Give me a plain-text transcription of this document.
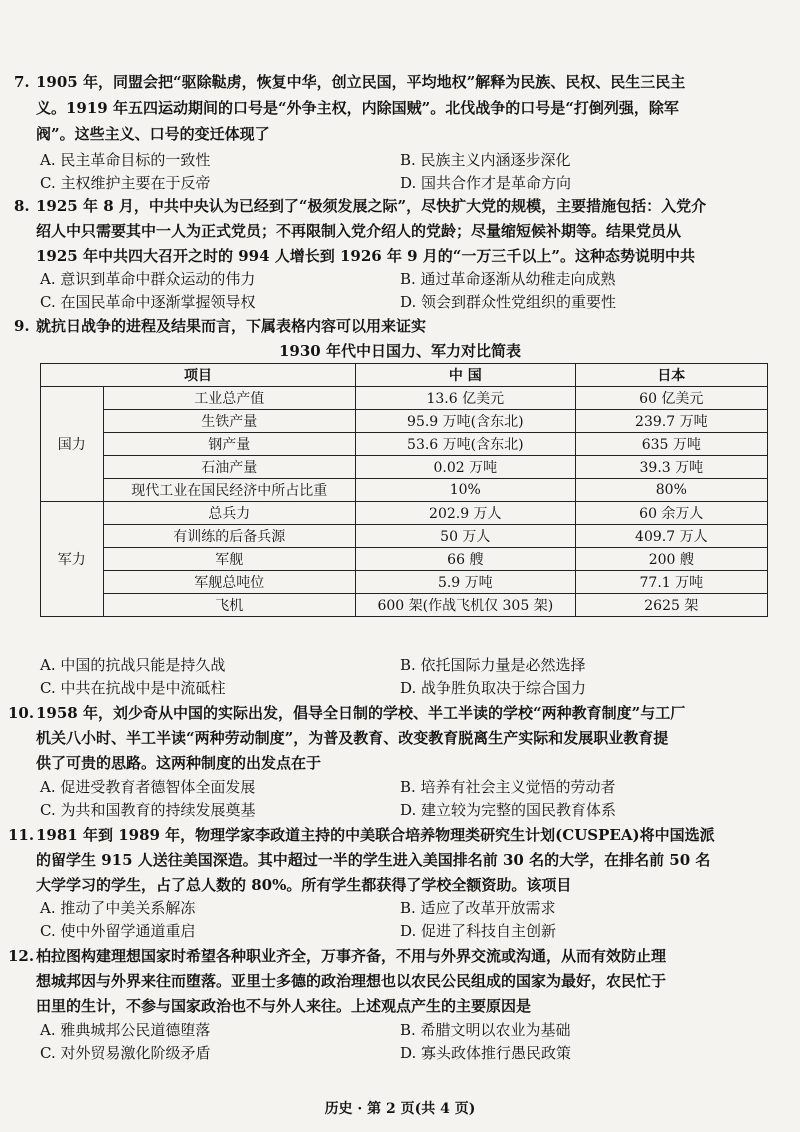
7. 1905 年，同盟会把“驱除鞑虏，恢复中华，创立民国，平均地权”解释为民族、民权、民生三民主
义。1919 年五四运动期间的口号是“外争主权，内除国贼”。北伐战争的口号是“打倒列强，除军
阀”。这些主义、口号的变迁体现了
A. 民主革命目标的一致性	B. 民族主义内涵逐步深化
C. 主权维护主要在于反帝	D. 国共合作才是革命方向
8. 1925 年 8 月，中共中央认为已经到了“极须发展之际”，尽快扩大党的规模，主要措施包括：入党介
绍人中只需要其中一人为正式党员；不再限制入党介绍人的党龄；尽量缩短候补期等。结果党员从
1925 年中共四大召开之时的 994 人增长到 1926 年 9 月的“一万三千以上”。这种态势说明中共
A. 意识到革命中群众运动的伟力	B. 通过革命逐渐从幼稚走向成熟
C. 在国民革命中逐渐掌握领导权	D. 领会到群众性党组织的重要性
9. 就抗日战争的进程及结果而言，下属表格内容可以用来证实
1930 年代中日国力、军力对比简表
项目		中 国	日本
国力	工业总产值	13.6 亿美元	60 亿美元
	生铁产量	95.9 万吨(含东北)	239.7 万吨
	钢产量	53.6 万吨(含东北)	635 万吨
	石油产量	0.02 万吨	39.3 万吨
	现代工业在国民经济中所占比重	10%	80%
军力	总兵力	202.9 万人	60 余万人
	有训练的后备兵源	50 万人	409.7 万人
	军舰	66 艘	200 艘
	军舰总吨位	5.9 万吨	77.1 万吨
	飞机	600 架(作战飞机仅 305 架)	2625 架
A. 中国的抗战只能是持久战	B. 依托国际力量是必然选择
C. 中共在抗战中是中流砥柱	D. 战争胜负取决于综合国力
10. 1958 年，刘少奇从中国的实际出发，倡导全日制的学校、半工半读的学校“两种教育制度”与工厂
机关八小时、半工半读“两种劳动制度”，为普及教育、改变教育脱离生产实际和发展职业教育提
供了可贵的思路。这两种制度的出发点在于
A. 促进受教育者德智体全面发展	B. 培养有社会主义觉悟的劳动者
C. 为共和国教育的持续发展奠基	D. 建立较为完整的国民教育体系
11. 1981 年到 1989 年，物理学家李政道主持的中美联合培养物理类研究生计划(CUSPEA)将中国选派
的留学生 915 人送往美国深造。其中超过一半的学生进入美国排名前 30 名的大学，在排名前 50 名
大学学习的学生，占了总人数的 80%。所有学生都获得了学校全额资助。该项目
A. 推动了中美关系解冻	B. 适应了改革开放需求
C. 使中外留学通道重启	D. 促进了科技自主创新
12. 柏拉图构建理想国家时希望各种职业齐全，万事齐备，不用与外界交流或沟通，从而有效防止理
想城邦因与外界来往而堕落。亚里士多德的政治理想也以农民公民组成的国家为最好，农民忙于
田里的生计，不参与国家政治也不与外人来往。上述观点产生的主要原因是
A. 雅典城邦公民道德堕落	B. 希腊文明以农业为基础
C. 对外贸易激化阶级矛盾	D. 寡头政体推行愚民政策
历史 · 第 2 页(共 4 页)
